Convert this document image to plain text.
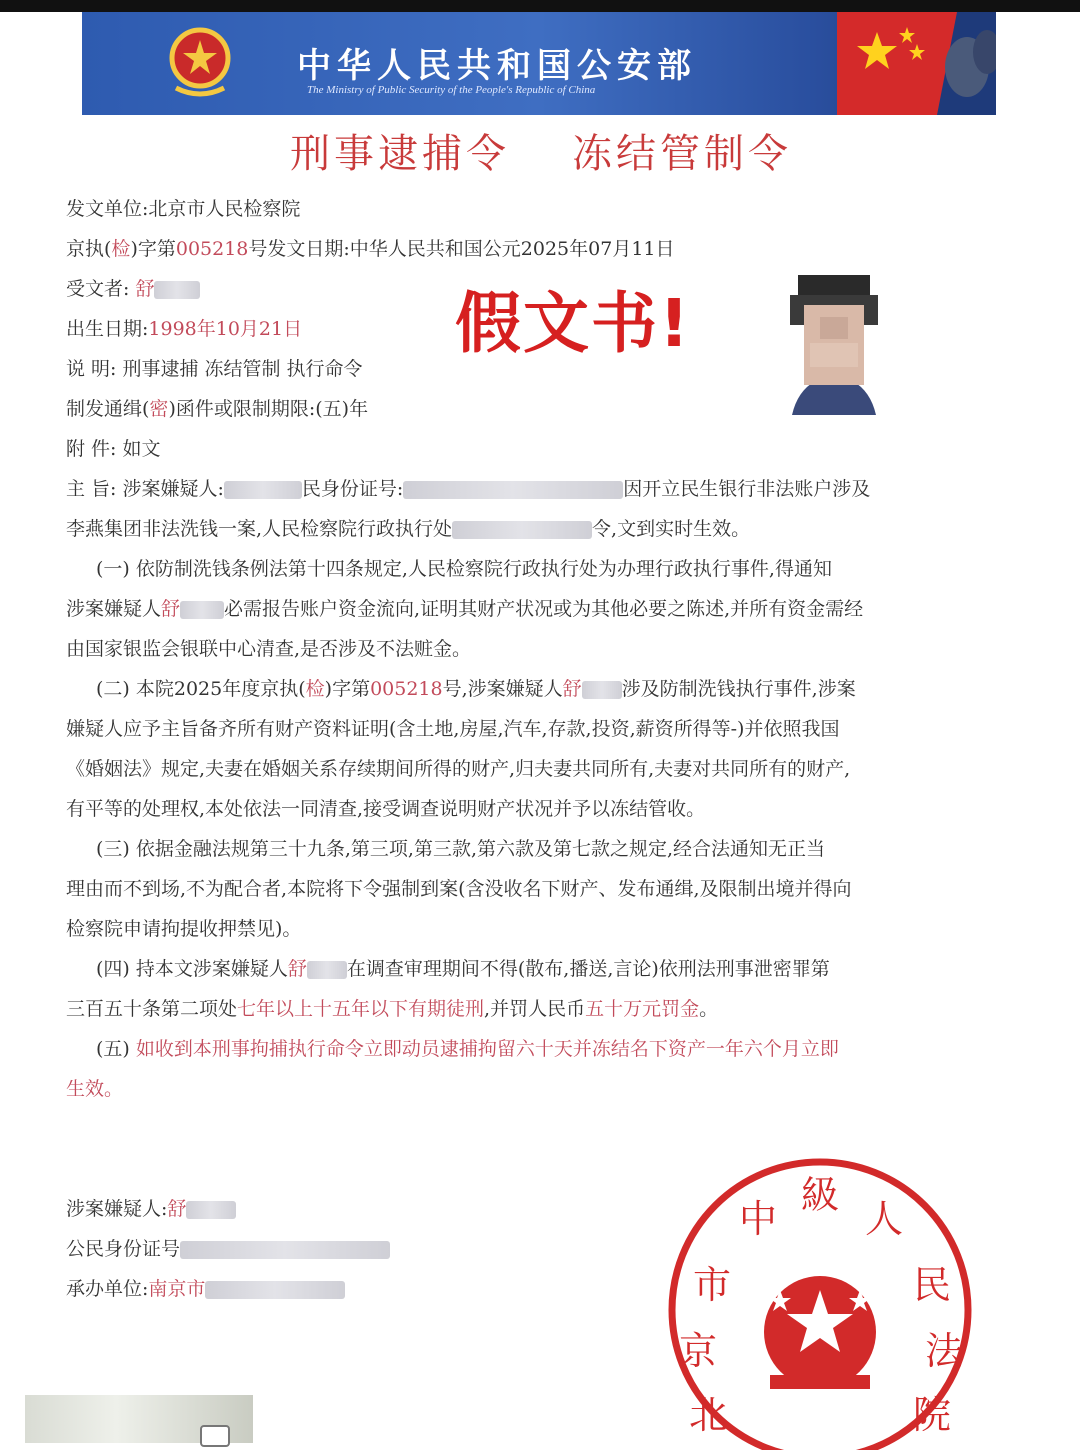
中华人民共和国公安部
The Ministry of Public Security of the People's Republic of China
刑事逮捕令 冻结管制令
发文单位:北京市人民检察院
京执(检)字第005218号发文日期:中华人民共和国公元2025年07月11日
受文者: 舒
出生日期:1998年10月21日
说 明: 刑事逮捕 冻结管制 执行命令
制发通缉(密)函件或限制期限:(五)年
附 件: 如文
假文书!
主 旨: 涉案嫌疑人:	民身份证号:	因开立民生银行非法账户涉及
李燕集团非法洗钱一案,人民检察院行政执行处	令,文到实时生效。
(一) 依防制洗钱条例法第十四条规定,人民检察院行政执行处为办理行政执行事件,得通知
涉案嫌疑人舒 必需报告账户资金流向,证明其财产状况或为其他必要之陈述,并所有资金需经
由国家银监会银联中心清查,是否涉及不法赃金。
(二) 本院2025年度京执(检)字第005218号,涉案嫌疑人舒 涉及防制洗钱执行事件,涉案
嫌疑人应予主旨备齐所有财产资料证明(含土地,房屋,汽车,存款,投资,薪资所得等-)并依照我国
《婚姻法》规定,夫妻在婚姻关系存续期间所得的财产,归夫妻共同所有,夫妻对共同所有的财产,
有平等的处理权,本处依法一同清查,接受调查说明财产状况并予以冻结管收。
(三) 依据金融法规第三十九条,第三项,第三款,第六款及第七款之规定,经合法通知无正当
理由而不到场,不为配合者,本院将下令强制到案(含没收名下财产、发布通缉,及限制出境并得向
检察院申请拘提收押禁见)。
(四) 持本文涉案嫌疑人舒 在调查审理期间不得(散布,播送,言论)依刑法刑事泄密罪第
三百五十条第二项处七年以上十五年以下有期徒刑,并罚人民币五十万元罚金。
(五) 如收到本刑事拘捕执行命令立即动员逮捕拘留六十天并冻结名下资产一年六个月立即
生效。
涉案嫌疑人:舒
公民身份证号
承办单位:南京市
北
京
市
中
級
人
民
法
院
